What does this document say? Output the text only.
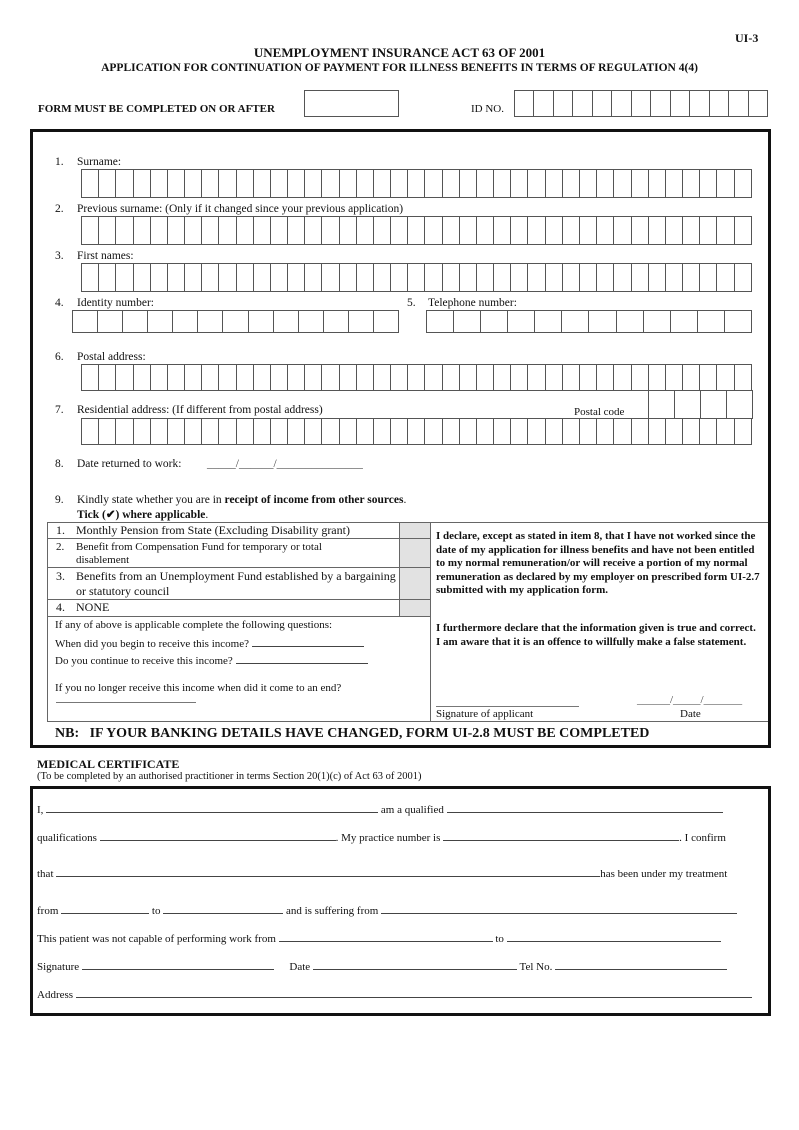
UI-3
UNEMPLOYMENT INSURANCE ACT 63 OF 2001
APPLICATION FOR CONTINUATION OF PAYMENT FOR ILLNESS BENEFITS IN TERMS OF REGULATION 4(4)
FORM MUST BE COMPLETED ON OR AFTER	ID NO.
1. Surname:
2. Previous surname: (Only if it changed since your previous application)
3. First names:
4. Identity number:	5. Telephone number:
6. Postal address:
7. Residential address: (If different from postal address)	Postal code
8. Date returned to work: _____/______/_______________
9. Kindly state whether you are in receipt of income from other sources.
Tick (✔) where applicable.
1. Monthly Pension from State (Excluding Disability grant)
2. Benefit from Compensation Fund for temporary or total disablement
3. Benefits from an Unemployment Fund established by a bargaining or statutory council
4. NONE
If any of above is applicable complete the following questions:
When did you begin to receive this income?
Do you continue to receive this income?
If you no longer receive this income when did it come to an end?
I declare, except as stated in item 8, that I have not worked since the date of my application for illness benefits and have not been entitled to my normal remuneration/or will receive a portion of my normal remuneration as declared by my employer on prescribed form UI-2.7 submitted with my application form.
I furthermore declare that the information given is true and correct. I am aware that it is an offence to willfully make a false statement.
Signature of applicant
______/_____/_______
Date
NB:   IF YOUR BANKING DETAILS HAVE CHANGED, FORM UI-2.8 MUST BE COMPLETED
MEDICAL CERTIFICATE
(To be completed by an authorised practitioner in terms Section 20(1)(c) of Act 63 of 2001)
I,	am a qualified
qualifications	. My practice number is	. I confirm
that	has been under my treatment
from	to	and is suffering from
This patient was not capable of performing work from	to
Signature	Date	Tel No.
Address
